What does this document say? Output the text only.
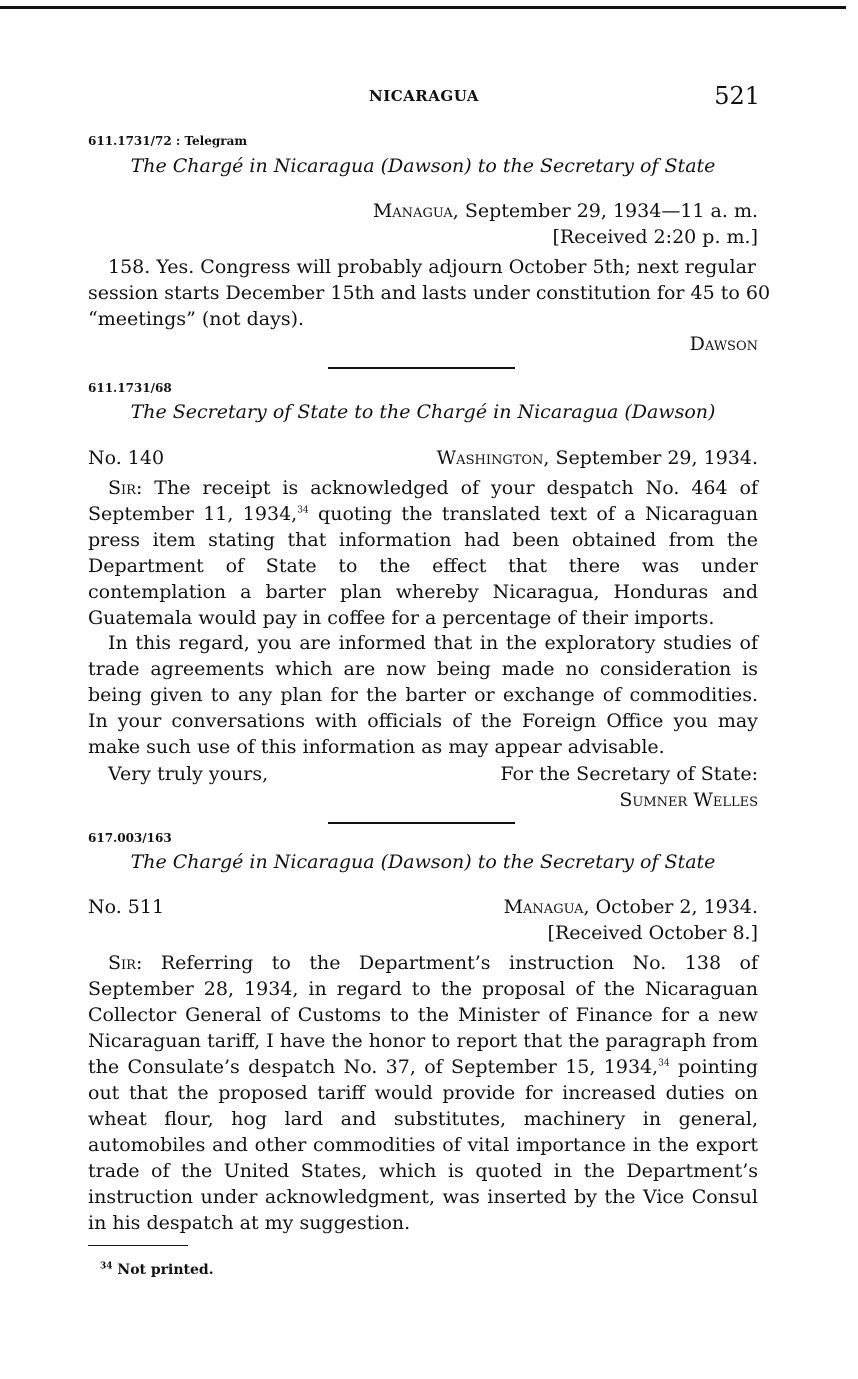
NICARAGUA	521
611.1731/72 : Telegram
The Chargé in Nicaragua (Dawson) to the Secretary of State
Managua, September 29, 1934—11 a. m.
[Received 2:20 p. m.]
158. Yes. Congress will probably adjourn October 5th; next regular
session starts December 15th and lasts under constitution for 45 to 60
“meetings” (not days).
Dawson
611.1731/68
The Secretary of State to the Chargé in Nicaragua (Dawson)
No. 140	Washington, September 29, 1934.
Sir: The receipt is acknowledged of your despatch No. 464 of September 11, 1934,34 quoting the translated text of a Nicaraguan press item stating that information had been obtained from the Department of State to the effect that there was under contemplation a barter plan whereby Nicaragua, Honduras and Guatemala would pay in coffee for a percentage of their imports.
In this regard, you are informed that in the exploratory studies of trade agreements which are now being made no consideration is being given to any plan for the barter or exchange of commodities. In your conversations with officials of the Foreign Office you may make such use of this information as may appear advisable.
Very truly yours,	For the Secretary of State:
Sumner Welles
617.003/163
The Chargé in Nicaragua (Dawson) to the Secretary of State
No. 511	Managua, October 2, 1934.
[Received October 8.]
Sir: Referring to the Department’s instruction No. 138 of September 28, 1934, in regard to the proposal of the Nicaraguan Collector General of Customs to the Minister of Finance for a new Nicaraguan tariff, I have the honor to report that the paragraph from the Consulate’s despatch No. 37, of September 15, 1934,34 pointing out that the proposed tariff would provide for increased duties on wheat flour, hog lard and substitutes, machinery in general, automobiles and other commodities of vital importance in the export trade of the United States, which is quoted in the Department’s instruction under acknowledgment, was inserted by the Vice Consul in his despatch at my suggestion.
$^{34}$ Not printed.
